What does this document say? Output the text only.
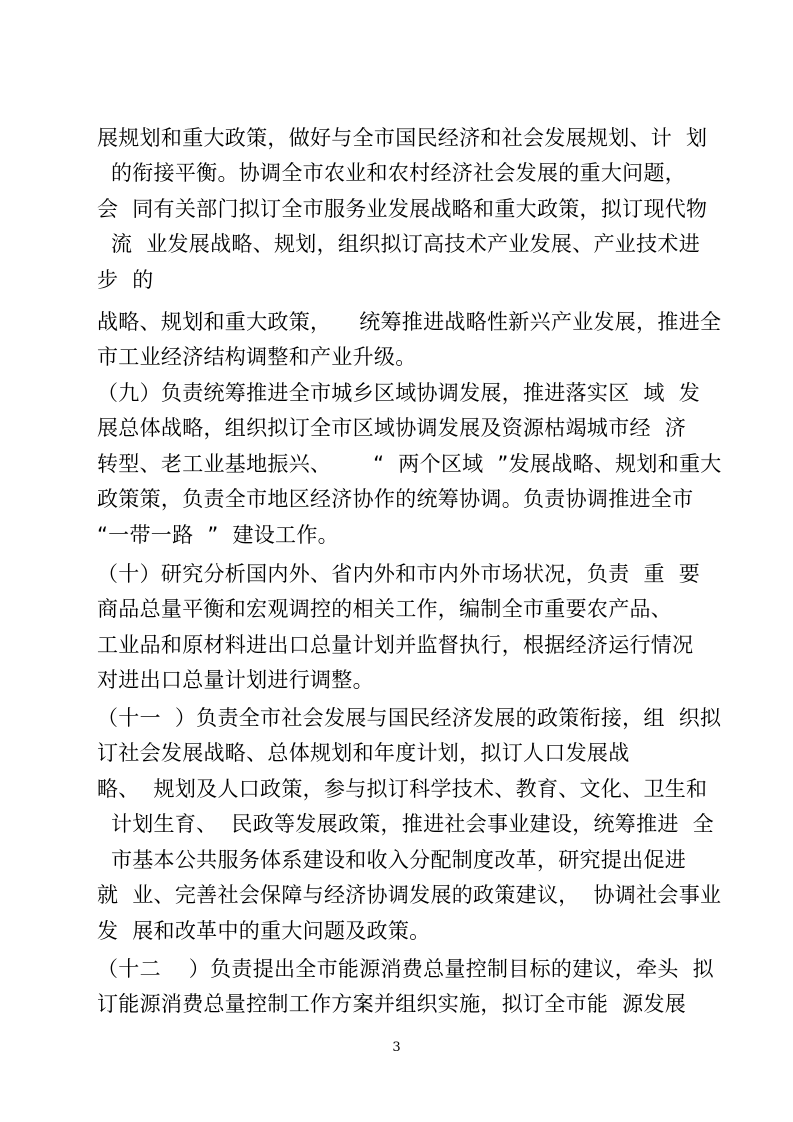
展规划和重大政策，做好与全市国民经济和社会发展规划、计  划
的衔接平衡。协调全市农业和农村经济社会发展的重大问题，
会  同有关部门拟订全市服务业发展战略和重大政策，拟订现代物
流  业发展战略、规划，组织拟订高技术产业发展、产业技术进
步  的
战略、规划和重大政策，    统筹推进战略性新兴产业发展，推进全
市工业经济结构调整和产业升级。
（九）负责统筹推进全市城乡区域协调发展，推进落实区  域  发
展总体战略，组织拟订全市区域协调发展及资源枯竭城市经  济
转型、老工业基地振兴、      “  两个区域  ”发展战略、规划和重大
政策策，负责全市地区经济协作的统筹协调。负责协调推进全市
“一带一路  ”  建设工作。
（十）研究分析国内外、省内外和市内外市场状况，负责  重  要
商品总量平衡和宏观调控的相关工作，编制全市重要农产品、
工业品和原材料进出口总量计划并监督执行，根据经济运行情况
对进出口总量计划进行调整。
（十一  ）负责全市社会发展与国民经济发展的政策衔接，组  织拟
订社会发展战略、总体规划和年度计划，拟订人口发展战
略、  规划及人口政策，参与拟订科学技术、教育、文化、卫生和
计划生育、  民政等发展政策，推进社会事业建设，统筹推进  全
市基本公共服务体系建设和收入分配制度改革，研究提出促进
就  业、完善社会保障与经济协调发展的政策建议，  协调社会事业
发  展和改革中的重大问题及政策。
（十二    ）负责提出全市能源消费总量控制目标的建议，牵头  拟
订能源消费总量控制工作方案并组织实施，拟订全市能  源发展
3
